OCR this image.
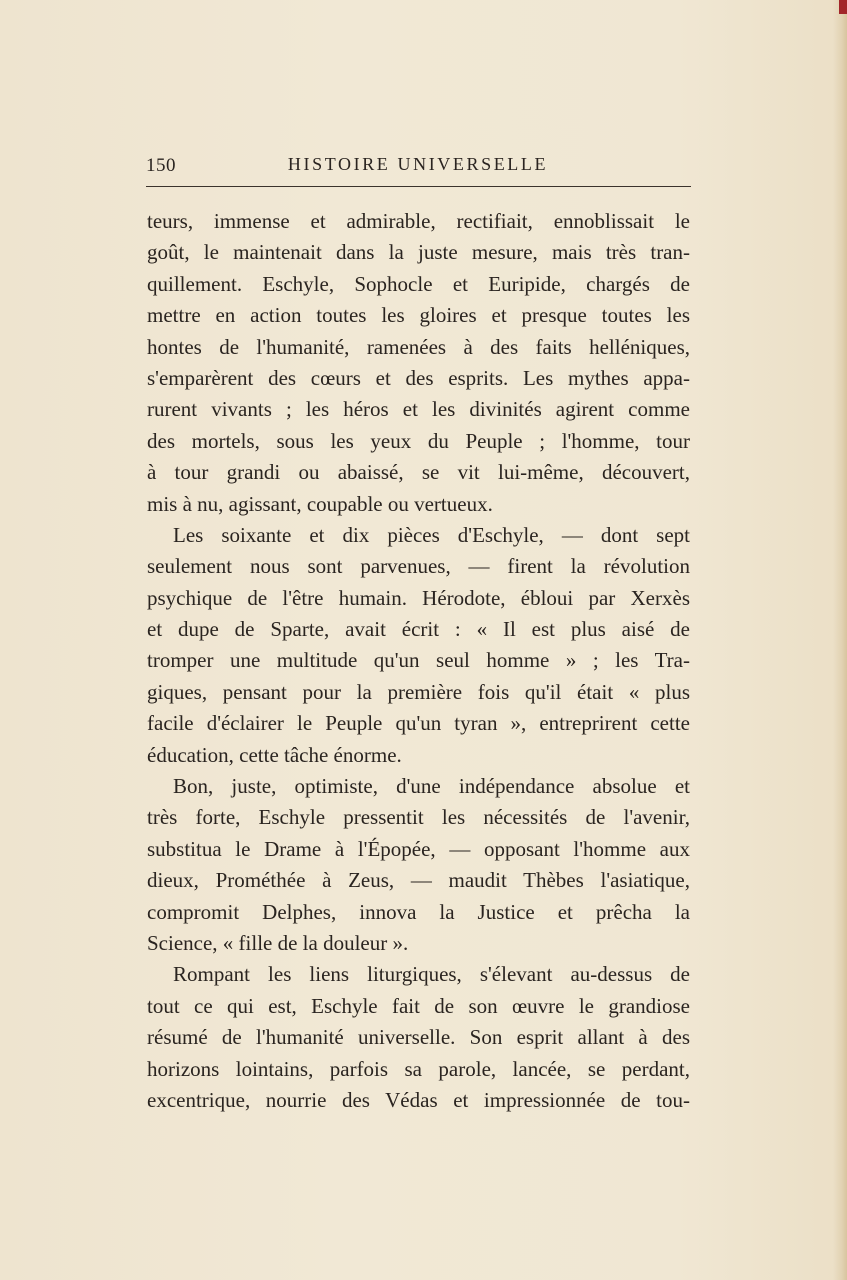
150	HISTOIRE UNIVERSELLE
teurs, immense et admirable, rectifiait, ennoblissait le
goût, le maintenait dans la juste mesure, mais très tran-
quillement. Eschyle, Sophocle et Euripide, chargés de
mettre en action toutes les gloires et presque toutes les
hontes de l'humanité, ramenées à des faits helléniques,
s'emparèrent des cœurs et des esprits. Les mythes appa-
rurent vivants ; les héros et les divinités agirent comme
des mortels, sous les yeux du Peuple ; l'homme, tour
à tour grandi ou abaissé, se vit lui-même, découvert,
mis à nu, agissant, coupable ou vertueux.
Les soixante et dix pièces d'Eschyle, — dont sept
seulement nous sont parvenues, — firent la révolution
psychique de l'être humain. Hérodote, ébloui par Xerxès
et dupe de Sparte, avait écrit : « Il est plus aisé de
tromper une multitude qu'un seul homme » ; les Tra-
giques, pensant pour la première fois qu'il était « plus
facile d'éclairer le Peuple qu'un tyran », entreprirent cette
éducation, cette tâche énorme.
Bon, juste, optimiste, d'une indépendance absolue et
très forte, Eschyle pressentit les nécessités de l'avenir,
substitua le Drame à l'Épopée, — opposant l'homme aux
dieux, Prométhée à Zeus, — maudit Thèbes l'asiatique,
compromit Delphes, innova la Justice et prêcha la
Science, « fille de la douleur ».
Rompant les liens liturgiques, s'élevant au-dessus de
tout ce qui est, Eschyle fait de son œuvre le grandiose
résumé de l'humanité universelle. Son esprit allant à des
horizons lointains, parfois sa parole, lancée, se perdant,
excentrique, nourrie des Védas et impressionnée de tou-
